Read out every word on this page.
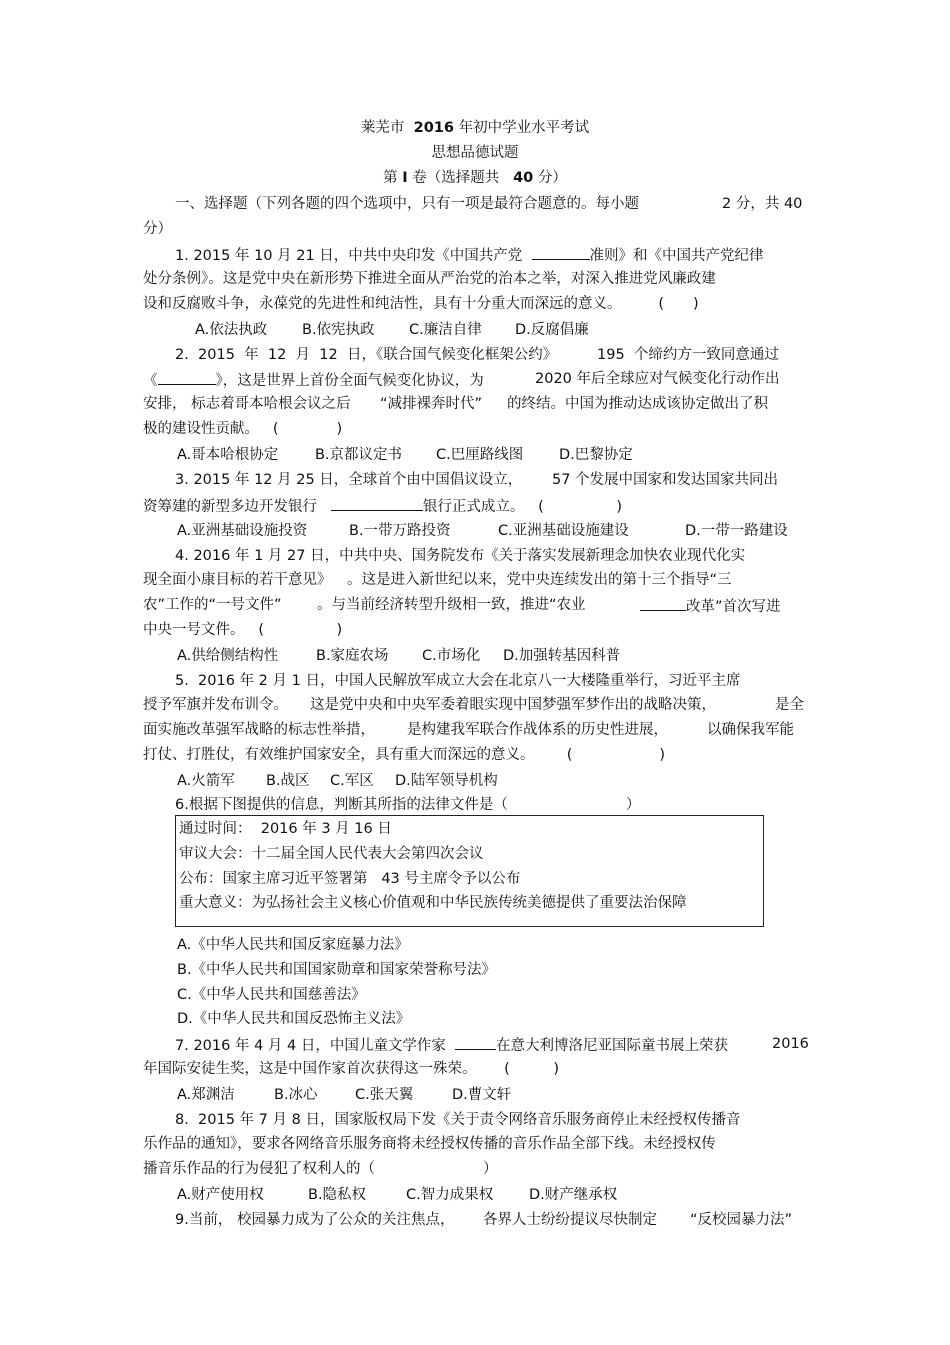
莱芜市 2016 年初中学业水平考试
思想品德试题
第 I 卷（选择题共 40 分）
一、选择题（下列各题的四个选项中，只有一项是最符合题意的。每小题	2 分，共 40
分）
1. 2015 年 10 月 21 日，中共中央印发《中国共产党	准则》和《中国共产党纪律
处分条例》。这是党中央在新形势下推进全面从严治党的治本之举，对深入推进党风廉政建
设和反腐败斗争，永葆党的先进性和纯洁性，具有十分重大而深远的意义。	(　　)
A.依法执政 B.依宪执政 C.廉洁自律 D.反腐倡廉
2.  2015  年  12  月  12  日，《联合国气候变化框架公约》	195  个缔约方一致同意通过
《	》，这是世界上首份全面气候变化协议，为	2020 年后全球应对气候变化行动作出
安排， 标志着哥本哈根会议之后 “减排裸奔时代” 的终结。中国为推动达成该协定做出了积
极的建设性贡献。 (　　　　)
A.哥本哈根协定	B.京都议定书 C.巴厘路线图 D.巴黎协定
3. 2015 年 12 月 25 日，全球首个由中国倡议设立， 57 个发展中国家和发达国家共同出
资筹建的新型多边开发银行	银行正式成立。 (　　　　　)
A.亚洲基础设施投资	B.一带万路投资	C.亚洲基础设施建设	D.一带一路建设
4. 2016 年 1 月 27 日，中共中央、国务院发布《关于落实发展新理念加快农业现代化实
现全面小康目标的若干意见》 。这是进入新世纪以来，党中央连续发出的第十三个指导“三
农”工作的“一号文件” 。与当前经济转型升级相一致，推进“农业	改革”首次写进
中央一号文件。 (　　　　　)
A.供给侧结构性	B.家庭农场 C.市场化 D.加强转基因科普
5.  2016 年 2 月 1 日，中国人民解放军成立大会在北京八一大楼隆重举行，习近平主席
授予军旗并发布训令。 这是党中央和中央军委着眼实现中国梦强军梦作出的战略决策，	是全
面实施改革强军战略的标志性举措， 是构建我军联合作战体系的历史性进展，	以确保我军能
打仗、打胜仗，有效维护国家安全，具有重大而深远的意义。 (　　　　　　)
A.火箭军 B.战区 C.军区 D.陆军领导机构
6.根据下图提供的信息，判断其所指的法律文件是（	）
通过时间：  2016 年 3 月 16 日
审议大会：十二届全国人民代表大会第四次会议
公布：国家主席习近平签署第 43 号主席令予以公布
重大意义：为弘扬社会主义核心价值观和中华民族传统美德提供了重要法治保障
A.《中华人民共和国反家庭暴力法》
B.《中华人民共和国国家勋章和国家荣誉称号法》
C.《中华人民共和国慈善法》
D.《中华人民共和国反恐怖主义法》
7. 2016 年 4 月 4 日，中国儿童文学作家	在意大利博洛尼亚国际童书展上荣获	2016
年国际安徒生奖，这是中国作家首次获得这一殊荣。 (　　　)
A.郑渊洁	B.冰心	C.张天翼	D.曹文轩
8.  2015 年 7 月 8 日，国家版权局下发《关于责令网络音乐服务商停止未经授权传播音
乐作品的通知》，要求各网络音乐服务商将未经授权传播的音乐作品全部下线。未经授权传
播音乐作品的行为侵犯了权利人的（	）
A.财产使用权	B.隐私权	C.智力成果权 D.财产继承权
9.当前， 校园暴力成为了公众的关注焦点， 各界人士纷纷提议尽快制定 “反校园暴力法”
